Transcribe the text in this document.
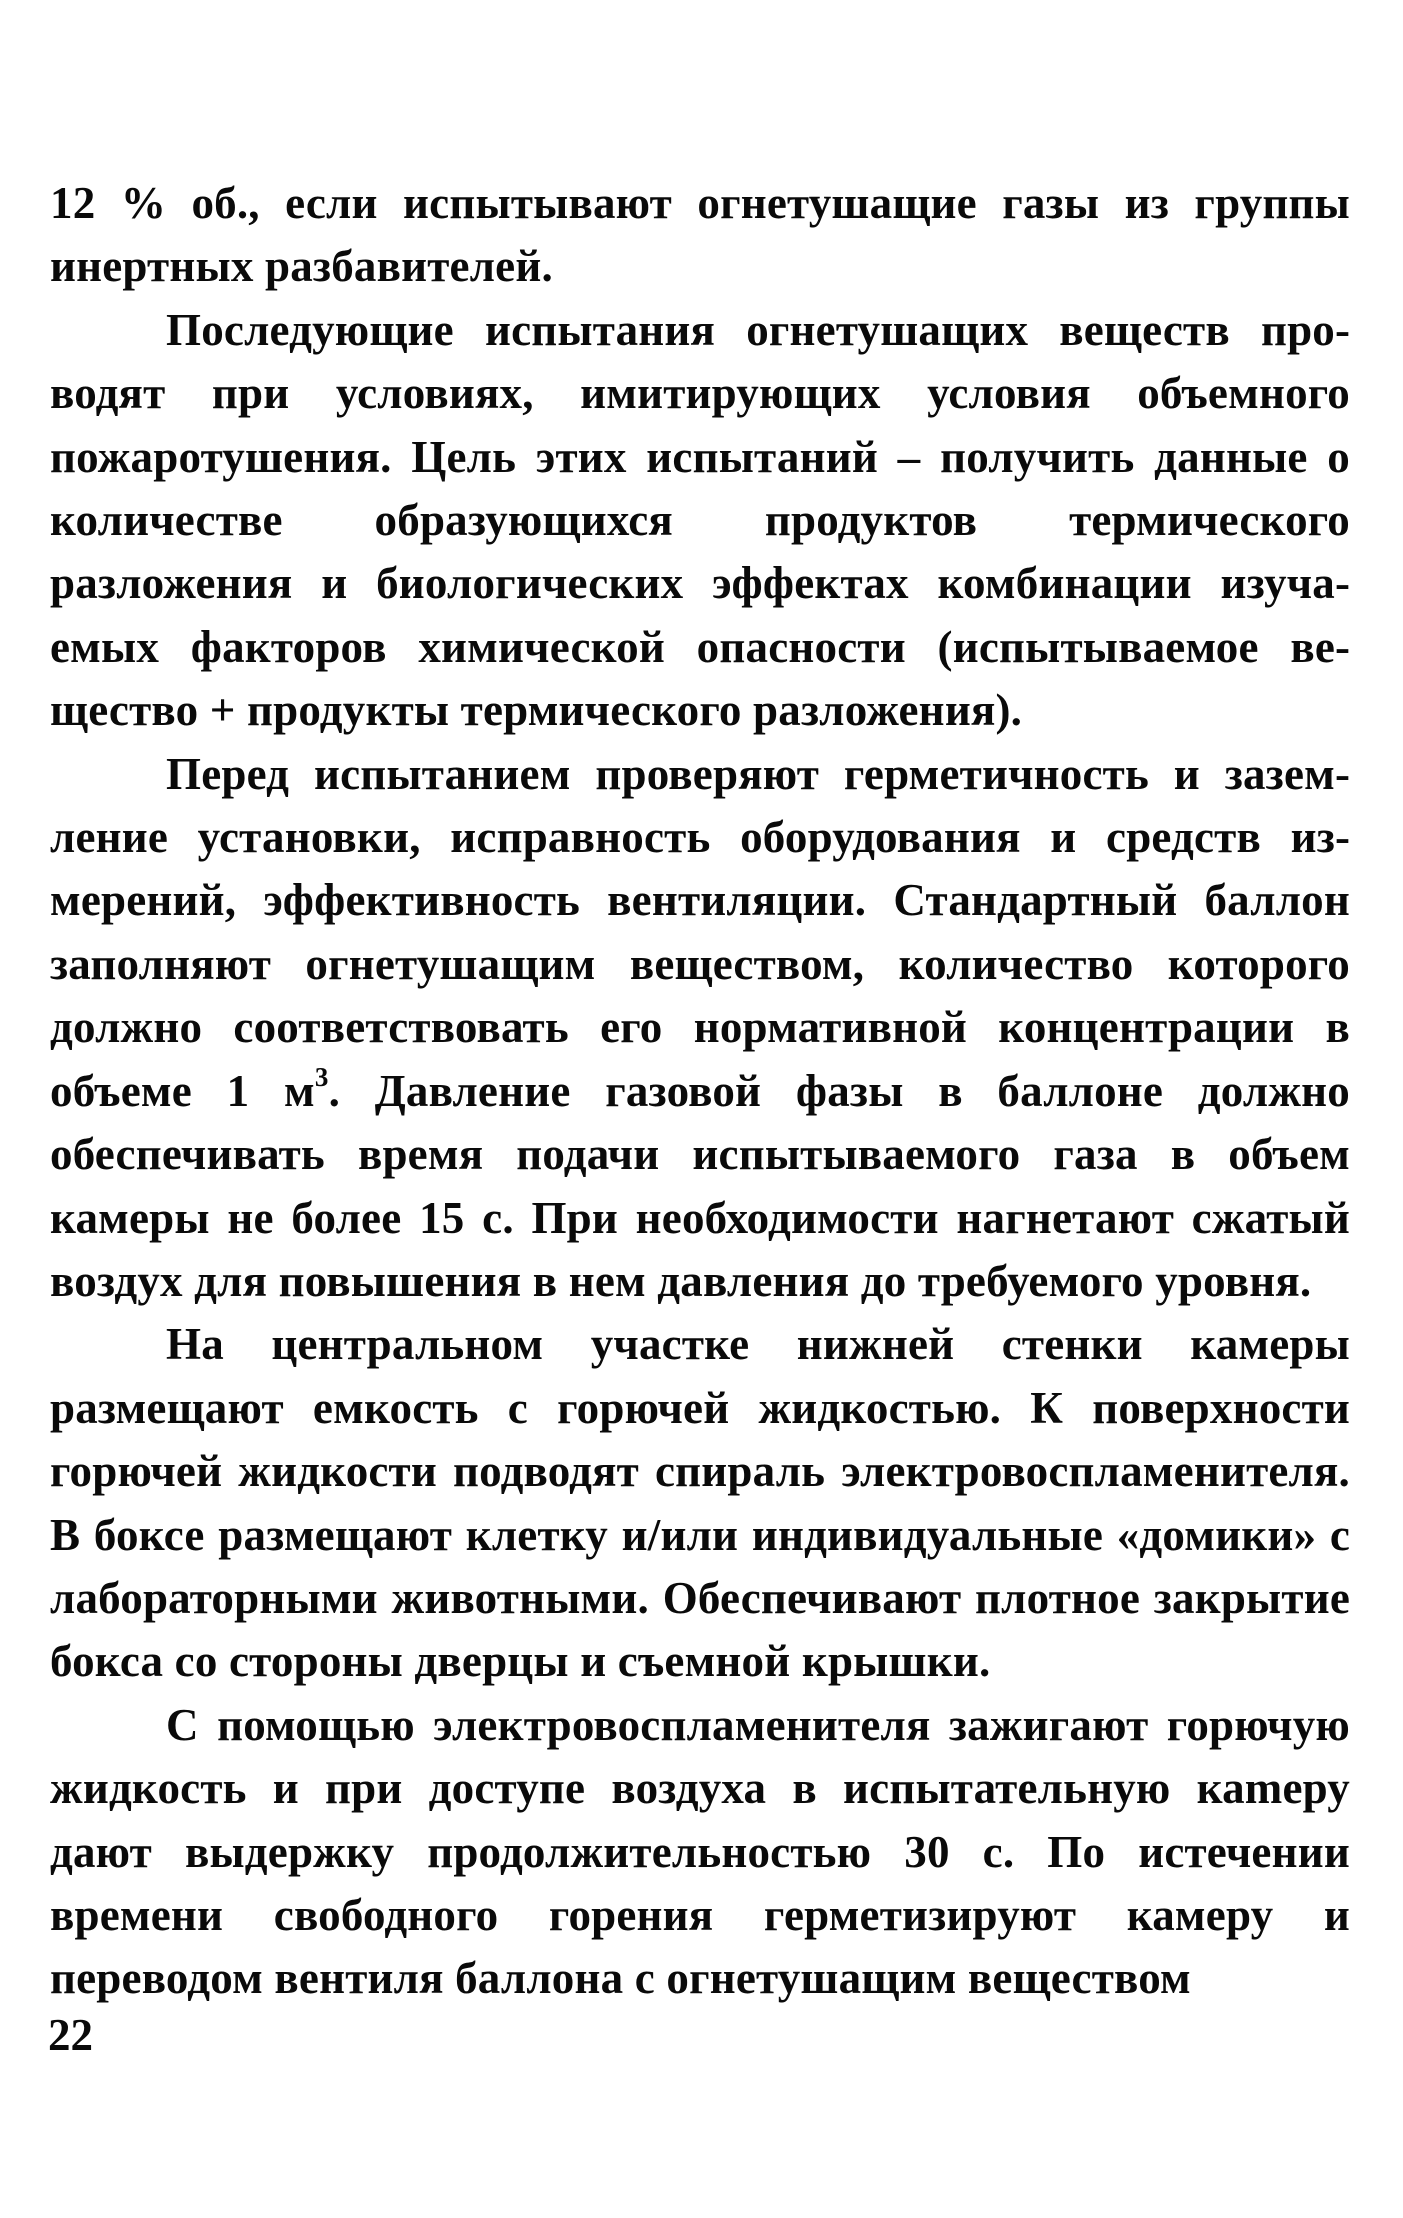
12 % об., если испытывают огнетушащие газы из группы инертных разбавителей.

Последующие испытания огнетушащих веществ проводят при условиях, имитирующих условия объемного пожаротушения. Цель этих испытаний – получить данные о количестве образующихся продуктов термического разложения и биологических эффектах комбинации изучаемых факторов химической опасности (испытываемое вещество + продукты термического разложения).

Перед испытанием проверяют герметичность и заземление установки, исправность оборудования и средств измерений, эффективность вентиляции. Стандартный баллон заполняют огнетушащим веществом, количество которого должно соответствовать его нормативной концентрации в объеме 1 $м^3$. Давление газовой фазы в баллоне должно обеспечивать время подачи испытываемого газа в объем камеры не более 15 с. При необходимости нагнетают сжатый воздух для повышения в нем давления до требуемого уровня.

На центральном участке нижней стенки камеры размещают емкость с горючей жидкостью. К поверхности горючей жидкости подводят спираль электровоспламенителя. В боксе размещают клетку и/или индивидуальные «домики» с лабораторными животными. Обеспечивают плотное закрытие бокса со стороны дверцы и съемной крышки.

С помощью электровоспламенителя зажигают горючую жидкость и при доступе воздуха в испытательную каmеру дают выдержку продолжительностью 30 с. По истечении времени свободного горения герметизируют камеру и переводом вентиля баллона с огнетушащим веществом

22
